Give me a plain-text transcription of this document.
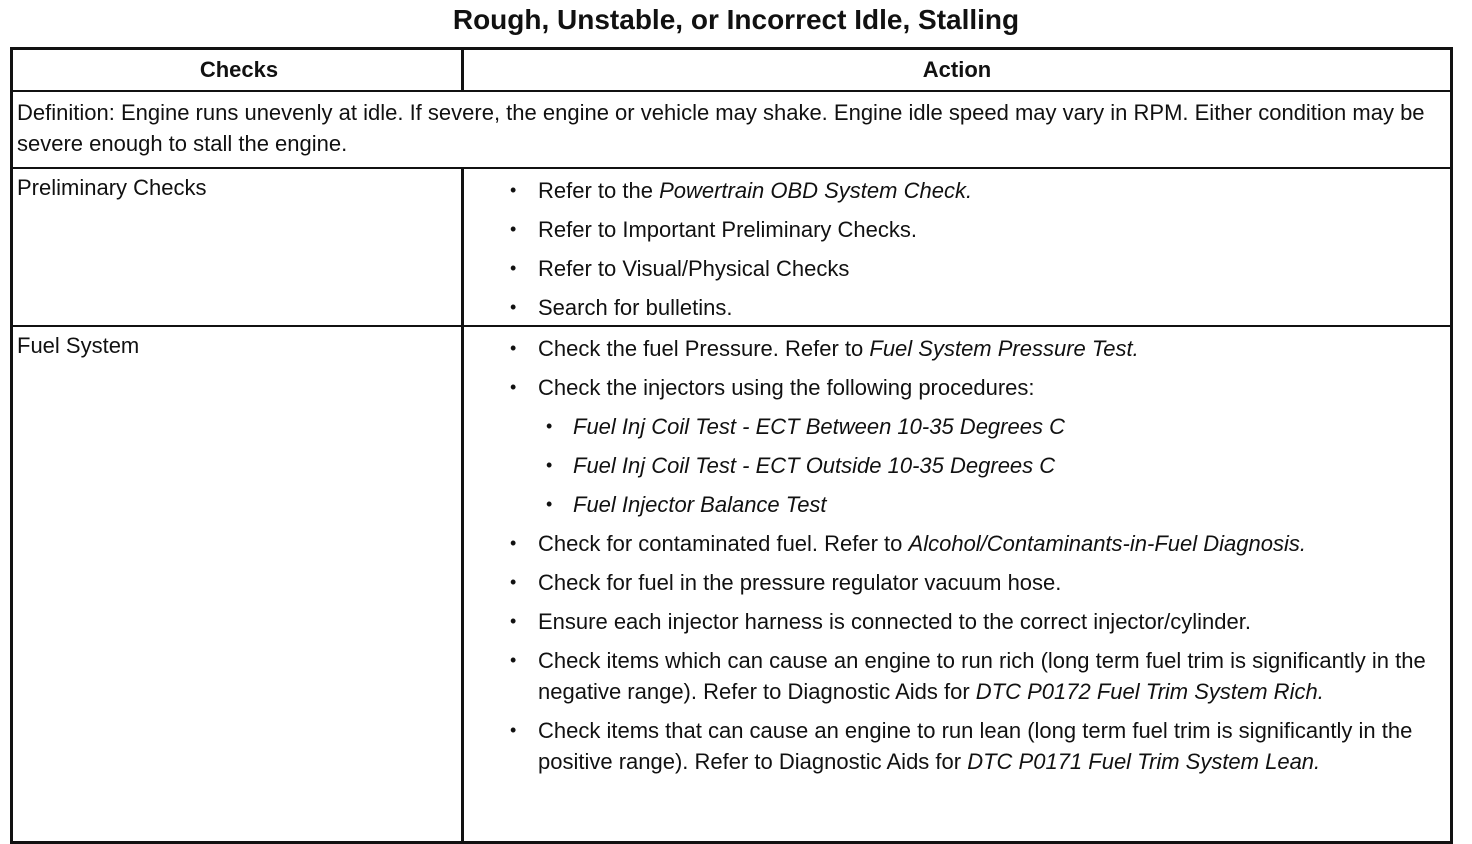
Rough, Unstable, or Incorrect Idle, Stalling
Checks	Action
Definition: Engine runs unevenly at idle. If severe, the engine or vehicle may shake. Engine idle speed may vary in RPM. Either condition may be severe enough to stall the engine.
Preliminary Checks	• Refer to the Powertrain OBD System Check.
• Refer to Important Preliminary Checks.
• Refer to Visual/Physical Checks
• Search for bulletins.
Fuel System	• Check the fuel Pressure. Refer to Fuel System Pressure Test.
• Check the injectors using the following procedures:
• Fuel Inj Coil Test - ECT Between 10-35 Degrees C
• Fuel Inj Coil Test - ECT Outside 10-35 Degrees C
• Fuel Injector Balance Test
• Check for contaminated fuel. Refer to Alcohol/Contaminants-in-Fuel Diagnosis.
• Check for fuel in the pressure regulator vacuum hose.
• Ensure each injector harness is connected to the correct injector/cylinder.
• Check items which can cause an engine to run rich (long term fuel trim is significantly in the negative range). Refer to Diagnostic Aids for DTC P0172 Fuel Trim System Rich.
• Check items that can cause an engine to run lean (long term fuel trim is significantly in the positive range). Refer to Diagnostic Aids for DTC P0171 Fuel Trim System Lean.
